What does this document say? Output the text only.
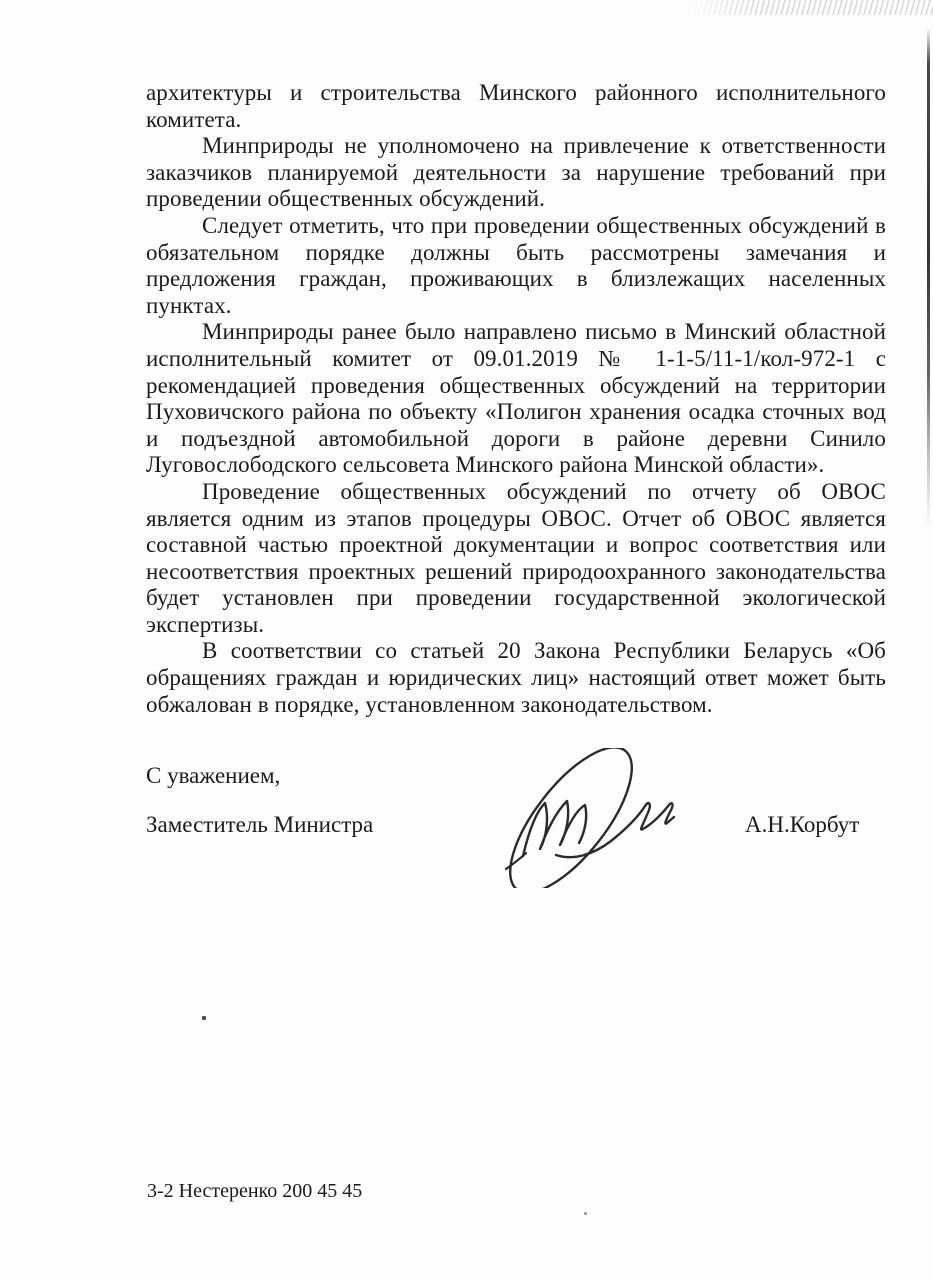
архитектуры и строительства Минского районного исполнительного комитета.

Минприроды не уполномочено на привлечение к ответственности заказчиков планируемой деятельности за нарушение требований при проведении общественных обсуждений.

Следует отметить, что при проведении общественных обсуждений в обязательном порядке должны быть рассмотрены замечания и предложения граждан, проживающих в близлежащих населенных пунктах.

Минприроды ранее было направлено письмо в Минский областной исполнительный комитет от 09.01.2019 № 1-1-5/11-1/кол-972-1 с рекомендацией проведения общественных обсуждений на территории Пуховичского района по объекту «Полигон хранения осадка сточных вод и подъездной автомобильной дороги в районе деревни Синило Луговослободского сельсовета Минского района Минской области».

Проведение общественных обсуждений по отчету об ОВОС является одним из этапов процедуры ОВОС. Отчет об ОВОС является составной частью проектной документации и вопрос соответствия или несоответствия проектных решений природоохранного законодательства будет установлен при проведении государственной экологической экспертизы.

В соответствии со статьей 20 Закона Республики Беларусь «Об обращениях граждан и юридических лиц» настоящий ответ может быть обжалован в порядке, установленном законодательством.

С уважением,
Заместитель Министра	А.Н.Корбут
3-2 Нестеренко 200 45 45
